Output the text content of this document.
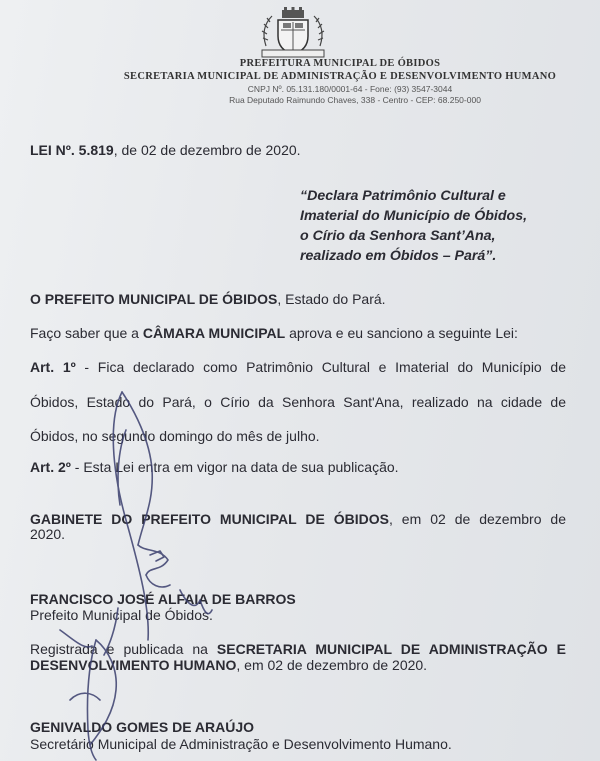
PREFEITURA MUNICIPAL DE ÓBIDOS
SECRETARIA MUNICIPAL DE ADMINISTRAÇÃO E DESENVOLVIMENTO HUMANO
CNPJ Nº. 05.131.180/0001-64 - Fone: (93) 3547-3044
Rua Deputado Raimundo Chaves, 338 - Centro - CEP: 68.250-000
LEI Nº. 5.819, de 02 de dezembro de 2020.
“Declara Patrimônio Cultural e
Imaterial do Município de Óbidos,
o Círio da Senhora Sant’Ana,
realizado em Óbidos – Pará”.
O PREFEITO MUNICIPAL DE ÓBIDOS, Estado do Pará.
Faço saber que a CÂMARA MUNICIPAL aprova e eu sanciono a seguinte Lei:
Art. 1º - Fica declarado como Patrimônio Cultural e Imaterial do Município de
Óbidos, Estado do Pará, o Círio da Senhora Sant'Ana, realizado na cidade de
Óbidos, no segundo domingo do mês de julho.
Art. 2º - Esta Lei entra em vigor na data de sua publicação.
GABINETE DO PREFEITO MUNICIPAL DE ÓBIDOS, em 02 de dezembro de
2020.
FRANCISCO JOSÉ ALFAIA DE BARROS
Prefeito Municipal de Óbidos.
Registrada e publicada na SECRETARIA MUNICIPAL DE ADMINISTRAÇÃO E
DESENVOLVIMENTO HUMANO, em 02 de dezembro de 2020.
GENIVALDO GOMES DE ARAÚJO
Secretário Municipal de Administração e Desenvolvimento Humano.
